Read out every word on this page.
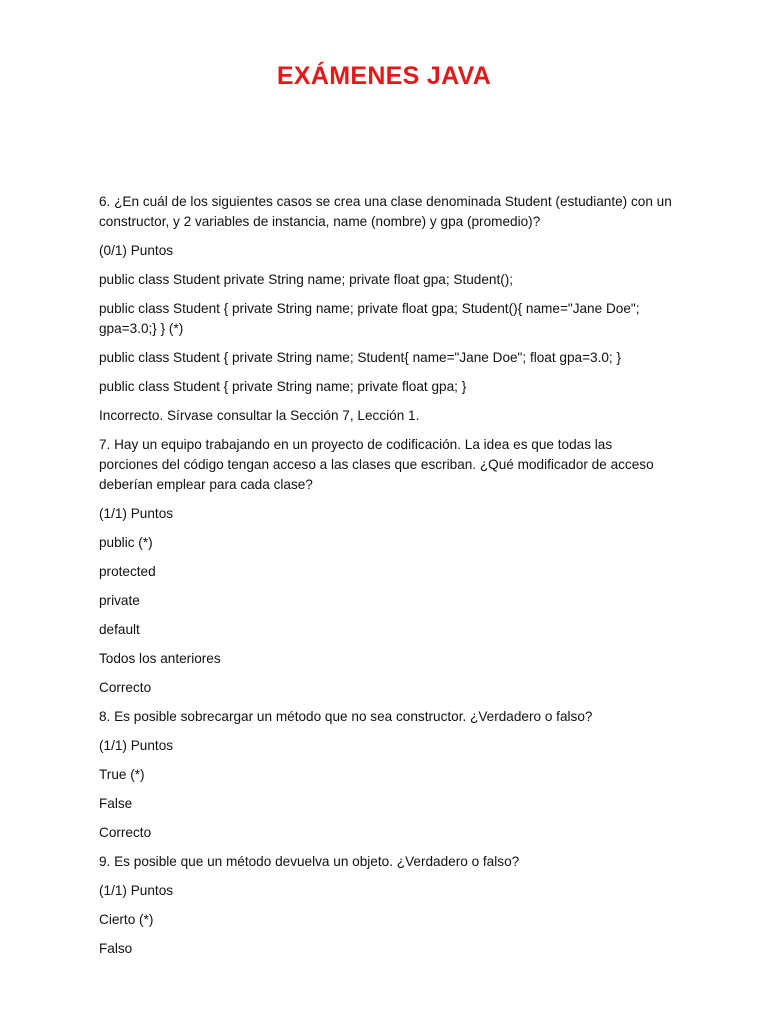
EXÁMENES JAVA

6. ¿En cuál de los siguientes casos se crea una clase denominada Student (estudiante) con un constructor, y 2 variables de instancia, name (nombre) y gpa (promedio)?

(0/1) Puntos

public class Student private String name; private float gpa; Student();

public class Student { private String name; private float gpa; Student(){ name="Jane Doe"; gpa=3.0;} } (*)

public class Student { private String name; Student{ name="Jane Doe"; float gpa=3.0; }

public class Student { private String name; private float gpa; }

Incorrecto. Sírvase consultar la Sección 7, Lección 1.

7. Hay un equipo trabajando en un proyecto de codificación. La idea es que todas las porciones del código tengan acceso a las clases que escriban. ¿Qué modificador de acceso deberían emplear para cada clase?

(1/1) Puntos

public (*)

protected

private

default

Todos los anteriores

Correcto

8. Es posible sobrecargar un método que no sea constructor. ¿Verdadero o falso?

(1/1) Puntos

True (*)

False

Correcto

9. Es posible que un método devuelva un objeto. ¿Verdadero o falso?

(1/1) Puntos

Cierto (*)

Falso
